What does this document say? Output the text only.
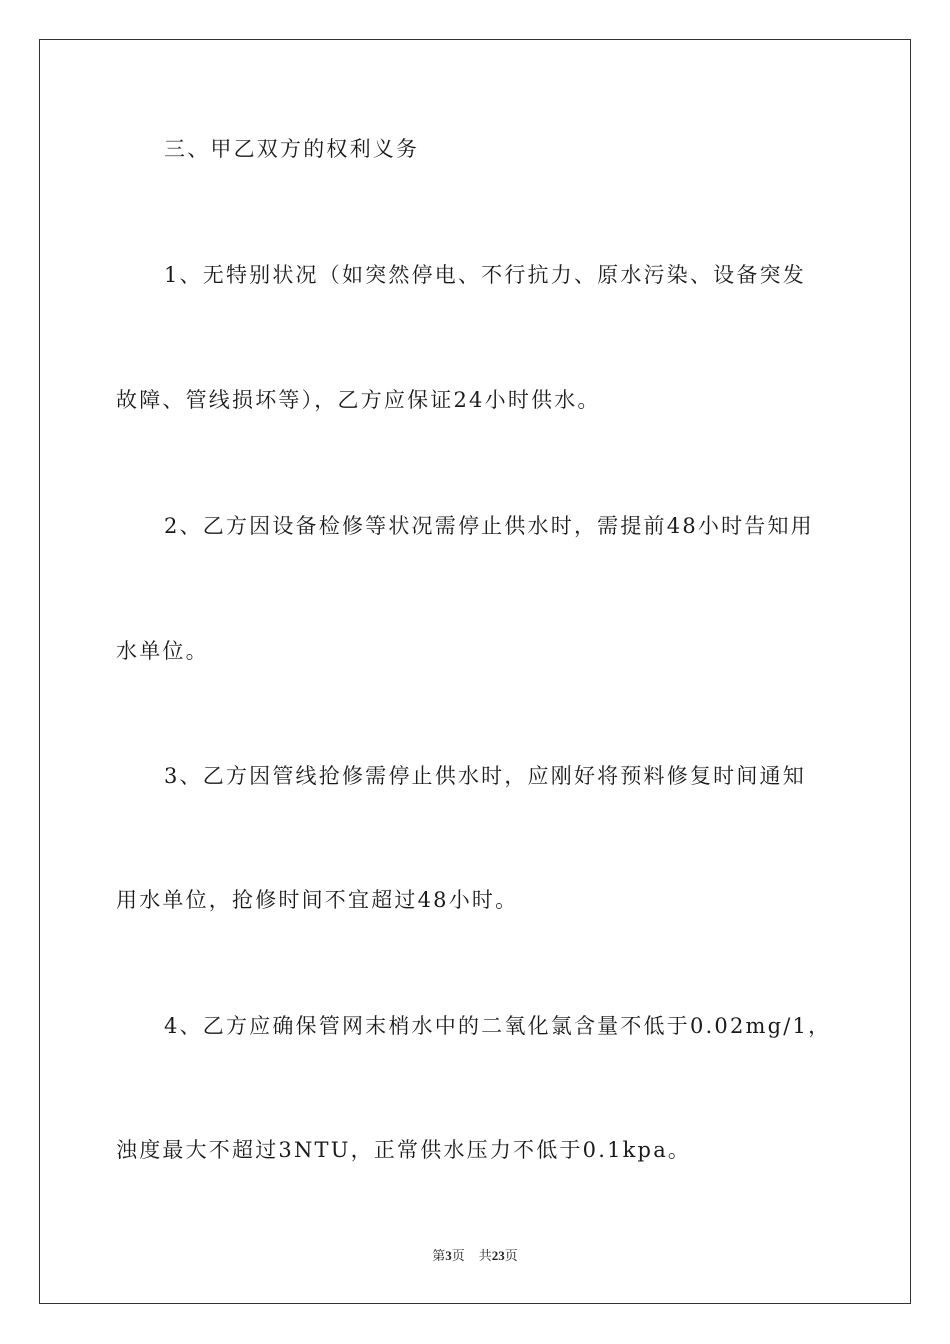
三、甲乙双方的权利义务
1、无特别状况（如突然停电、不行抗力、原水污染、设备突发
故障、管线损坏等），乙方应保证24小时供水。
2、乙方因设备检修等状况需停止供水时，需提前48小时告知用
水单位。
3、乙方因管线抢修需停止供水时，应刚好将预料修复时间通知
用水单位，抢修时间不宜超过48小时。
4、乙方应确保管网末梢水中的二氧化氯含量不低于0.02mg/1，
浊度最大不超过3NTU，正常供水压力不低于0.1kpa。
第3页 共23页
